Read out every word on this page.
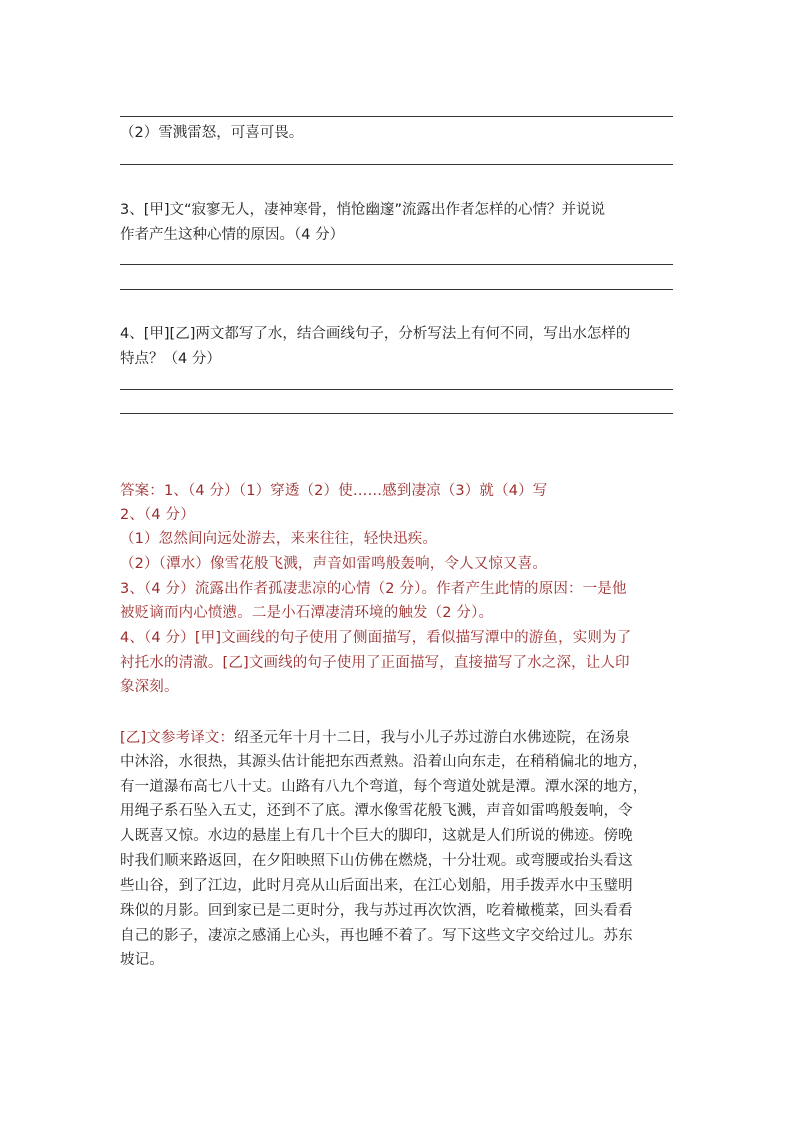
（2）雪溅雷怒，可喜可畏。
3、[甲]文“寂寥无人，凄神寒骨，悄怆幽邃”流露出作者怎样的心情？并说说
作者产生这种心情的原因。（4 分）
4、[甲][乙]两文都写了水，结合画线句子，分析写法上有何不同，写出水怎样的
特点？（4 分）
答案：1、（4 分）（1）穿透（2）使……感到凄凉（3）就（4）写
2、（4 分）
（1）忽然间向远处游去，来来往往，轻快迅疾。
（2）（潭水）像雪花般飞溅，声音如雷鸣般轰响，令人又惊又喜。
3、（4 分）流露出作者孤凄悲凉的心情（2 分）。作者产生此情的原因：一是他
被贬谪而内心愤懑。二是小石潭凄清环境的触发（2 分）。
4、（4 分）[甲]文画线的句子使用了侧面描写，看似描写潭中的游鱼，实则为了
衬托水的清澈。[乙]文画线的句子使用了正面描写，直接描写了水之深，让人印
象深刻。
[乙]文参考译文：绍圣元年十月十二日，我与小儿子苏过游白水佛迹院，在汤泉
中沐浴，水很热，其源头估计能把东西煮熟。沿着山向东走，在稍稍偏北的地方，
有一道瀑布高七八十丈。山路有八九个弯道，每个弯道处就是潭。潭水深的地方，
用绳子系石坠入五丈，还到不了底。潭水像雪花般飞溅，声音如雷鸣般轰响，令
人既喜又惊。水边的悬崖上有几十个巨大的脚印，这就是人们所说的佛迹。傍晚
时我们顺来路返回，在夕阳映照下山仿佛在燃烧，十分壮观。或弯腰或抬头看这
些山谷，到了江边，此时月亮从山后面出来，在江心划船，用手拨弄水中玉璧明
珠似的月影。回到家已是二更时分，我与苏过再次饮酒，吃着橄榄菜，回头看看
自己的影子，凄凉之感涌上心头，再也睡不着了。写下这些文字交给过儿。苏东
坡记。
